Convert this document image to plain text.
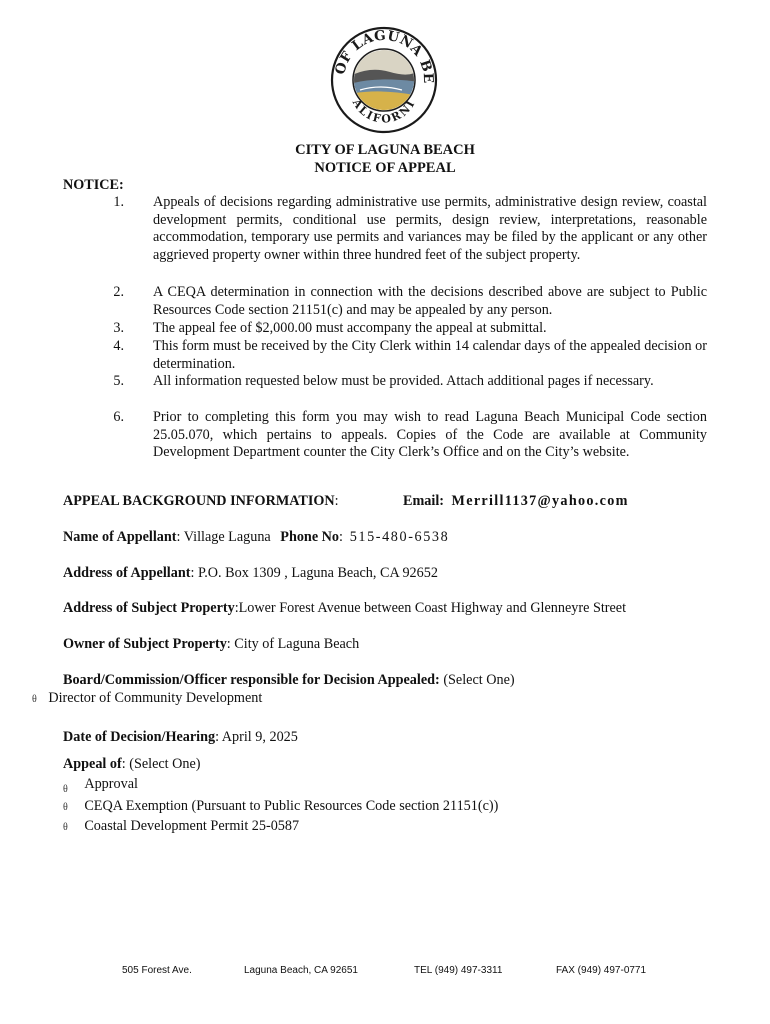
OF LAGUNA BE
ALIFORNI
CITY OF LAGUNA BEACH
NOTICE OF APPEAL
NOTICE:
1. Appeals of decisions regarding administrative use permits, administrative design review, coastal development permits, conditional use permits, design review, interpretations, reasonable accommodation, temporary use permits and variances may be filed by the applicant or any other aggrieved property owner within three hundred feet of the subject property.
2. A CEQA determination in connection with the decisions described above are subject to Public Resources Code section 21151(c) and may be appealed by any person.
3. The appeal fee of $2,000.00 must accompany the appeal at submittal.
4. This form must be received by the City Clerk within 14 calendar days of the appealed decision or determination.
5. All information requested below must be provided. Attach additional pages if necessary.
6. Prior to completing this form you may wish to read Laguna Beach Municipal Code section 25.05.070, which pertains to appeals. Copies of the Code are available at Community Development Department counter the City Clerk’s Office and on the City’s website.
APPEAL BACKGROUND INFORMATION:	Email: Merrill1137@yahoo.com
Name of Appellant: Village Laguna Phone No: 515-480-6538
Address of Appellant: P.O. Box 1309 , Laguna Beach, CA 92652
Address of Subject Property:Lower Forest Avenue between Coast Highway and Glenneyre Street
Owner of Subject Property: City of Laguna Beach
Board/Commission/Officer responsible for Decision Appealed: (Select One)
θ Director of Community Development
Date of Decision/Hearing: April 9, 2025
Appeal of: (Select One)
$_\theta$ Approval
θ CEQA Exemption (Pursuant to Public Resources Code section 21151(c))
θ Coastal Development Permit 25-0587
505 Forest Ave.	Laguna Beach, CA 92651	TEL (949) 497-3311	FAX (949) 497-0771
